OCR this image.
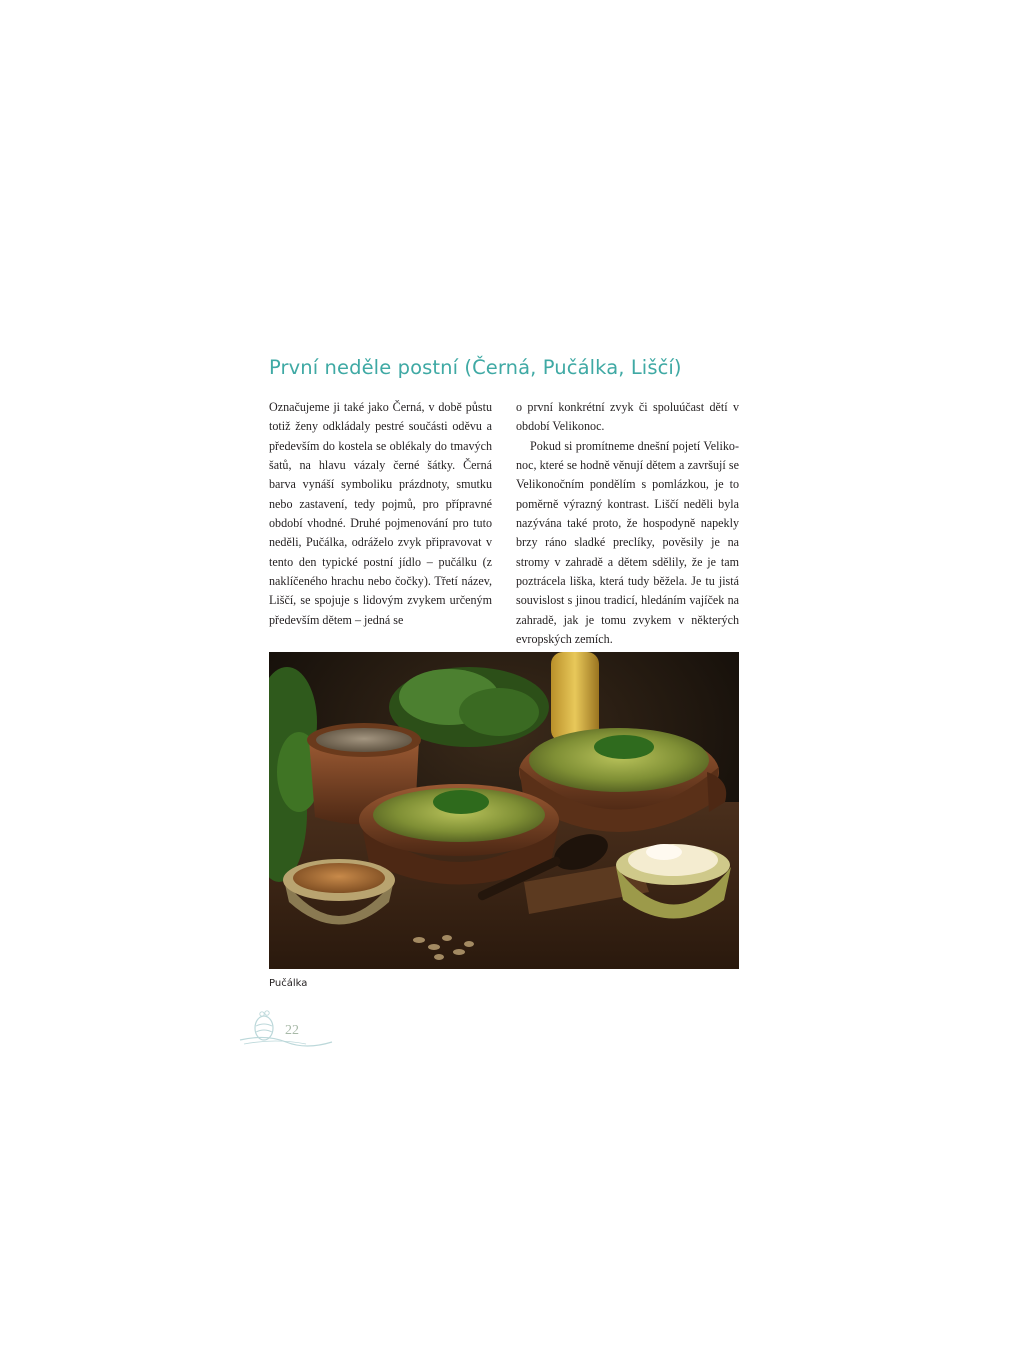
První neděle postní (Černá, Pučálka, Liščí)

Označujeme ji také jako Černá, v době půstu totiž ženy odkládaly pestré součásti oděvu a především do kostela se oblékaly do tmavých šatů, na hlavu vázaly černé šátky. Černá barva vynáší symboliku prázdnoty, smutku nebo zastavení, tedy pojmů, pro přípravné období vhodné. Druhé pojmenování pro tuto neděli, Pučálka, odráželo zvyk připravovat v tento den typické postní jídlo – pučálku (z naklíčeného hrachu nebo čočky). Třetí název, Liščí, se spojuje s lidovým zvykem určeným především dětem – jedná se

o první konkrétní zvyk či spoluúčast dětí v období Velikonoc.

Pokud si promítneme dnešní pojetí Velikonoc, které se hodně věnují dětem a završují se Velikonočním pondělím s pomlázkou, je to poměrně výrazný kontrast. Liščí neděli byla nazývána také proto, že hospodyně napekly brzy ráno sladké preclíky, pověsily je na stromy v zahradě a dětem sdělily, že je tam poztrácela liška, která tudy běžela. Je tu jistá souvislost s jinou tradicí, hledáním vajíček na zahradě, jak je tomu zvykem v některých evropských zemích.

Pučálka
22
